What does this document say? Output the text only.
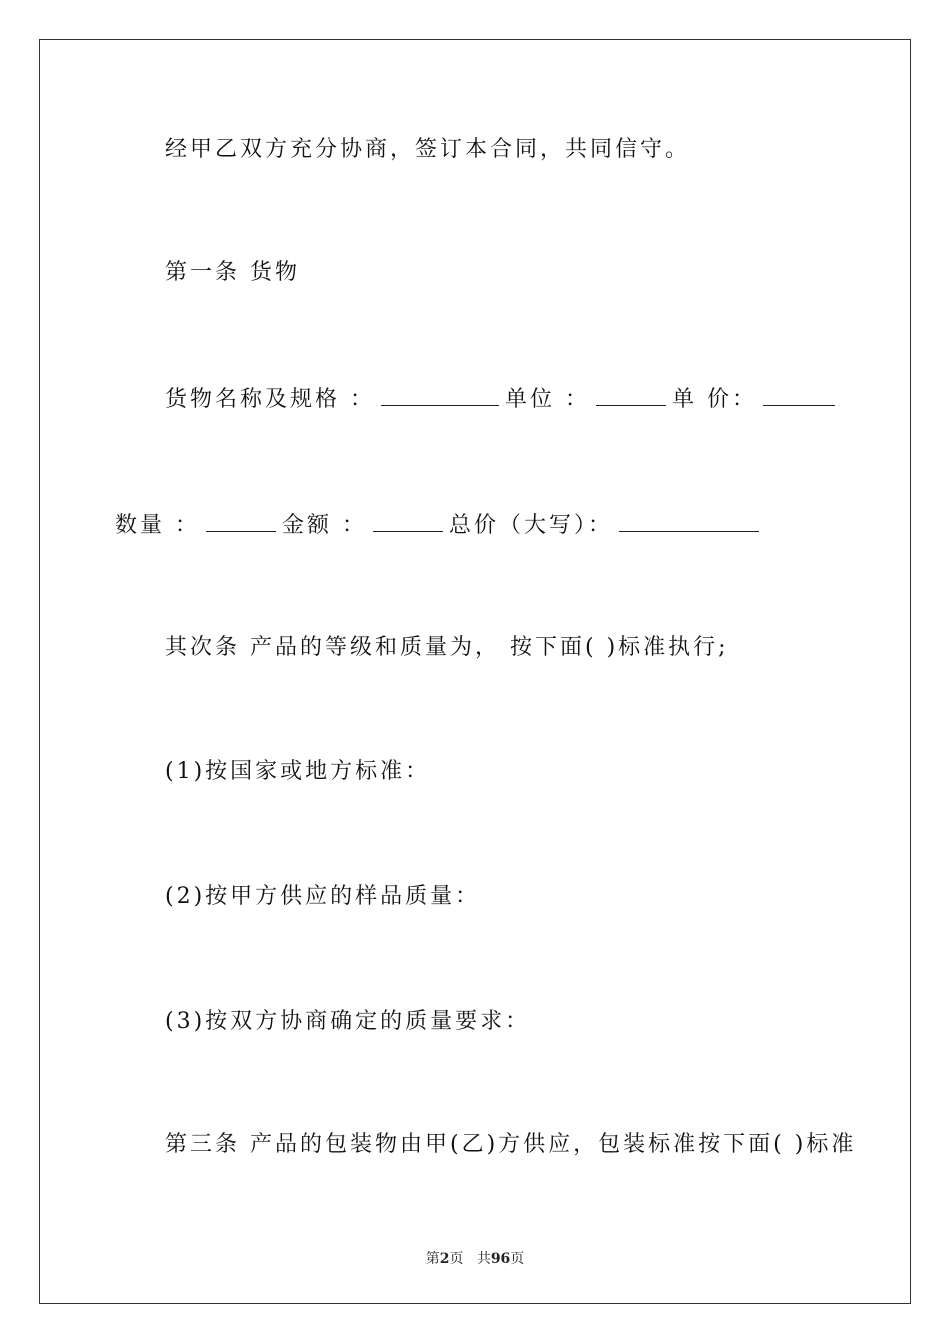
经甲乙双方充分协商，签订本合同，共同信守。
第一条 货物
货物名称及规格 ：	单位 ：	单 价：
数量 ：	金额 ：	总价（大写）：
其次条 产品的等级和质量为， 按下面( )标准执行;
(1)按国家或地方标准：
(2)按甲方供应的样品质量：
(3)按双方协商确定的质量要求：
第三条 产品的包装物由甲(乙)方供应，包装标准按下面( )标准
第2页 共96页
